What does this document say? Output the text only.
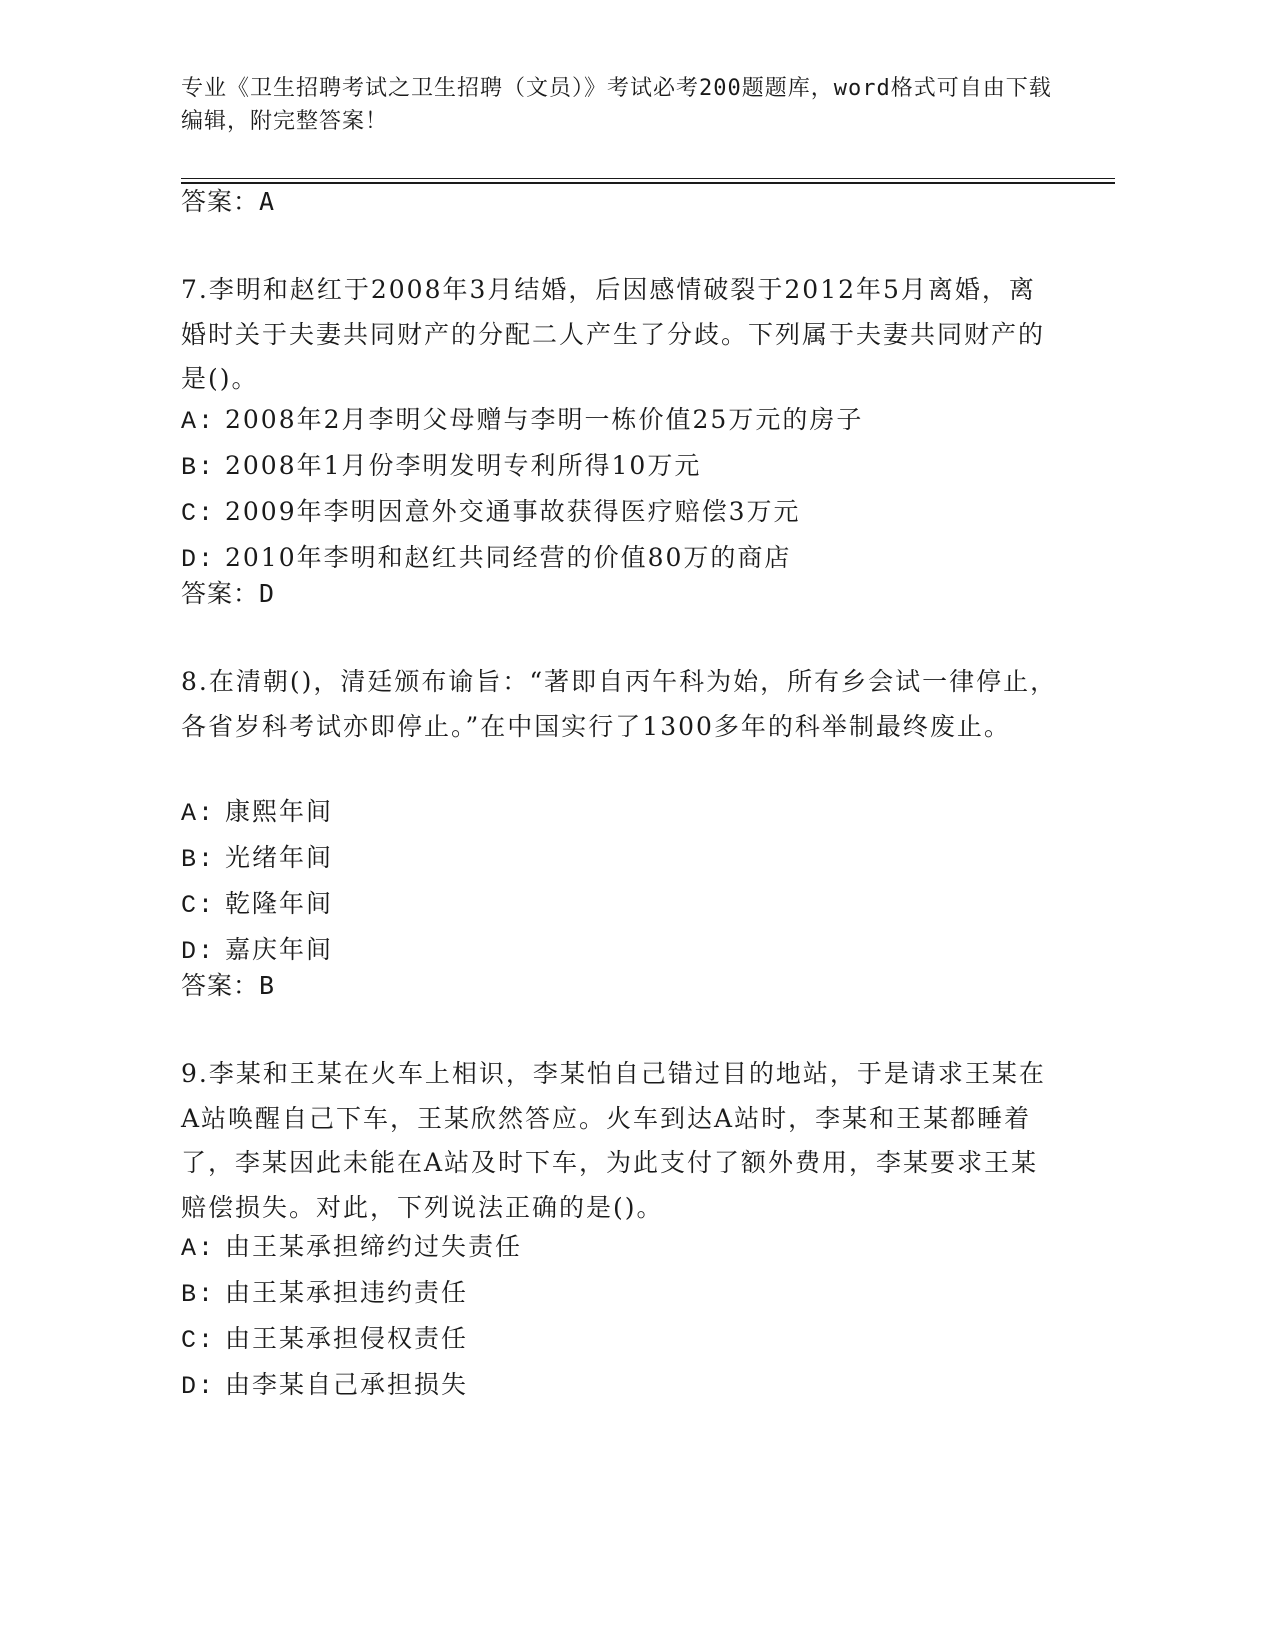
专业《卫生招聘考试之卫生招聘（文员）》考试必考200题题库，word格式可自由下载编辑，附完整答案！
答案：A
7.李明和赵红于2008年3月结婚，后因感情破裂于2012年5月离婚，离婚时关于夫妻共同财产的分配二人产生了分歧。下列属于夫妻共同财产的是()。
A: 2008年2月李明父母赠与李明一栋价值25万元的房子
B: 2008年1月份李明发明专利所得10万元
C: 2009年李明因意外交通事故获得医疗赔偿3万元
D: 2010年李明和赵红共同经营的价值80万的商店
答案：D
8.在清朝()，清廷颁布谕旨：“著即自丙午科为始，所有乡会试一律停止，各省岁科考试亦即停止。”在中国实行了1300多年的科举制最终废止。
A: 康熙年间
B: 光绪年间
C: 乾隆年间
D: 嘉庆年间
答案：B
9.李某和王某在火车上相识，李某怕自己错过目的地站，于是请求王某在A站唤醒自己下车，王某欣然答应。火车到达A站时，李某和王某都睡着了，李某因此未能在A站及时下车，为此支付了额外费用，李某要求王某赔偿损失。对此，下列说法正确的是()。
A: 由王某承担缔约过失责任
B: 由王某承担违约责任
C: 由王某承担侵权责任
D: 由李某自己承担损失
